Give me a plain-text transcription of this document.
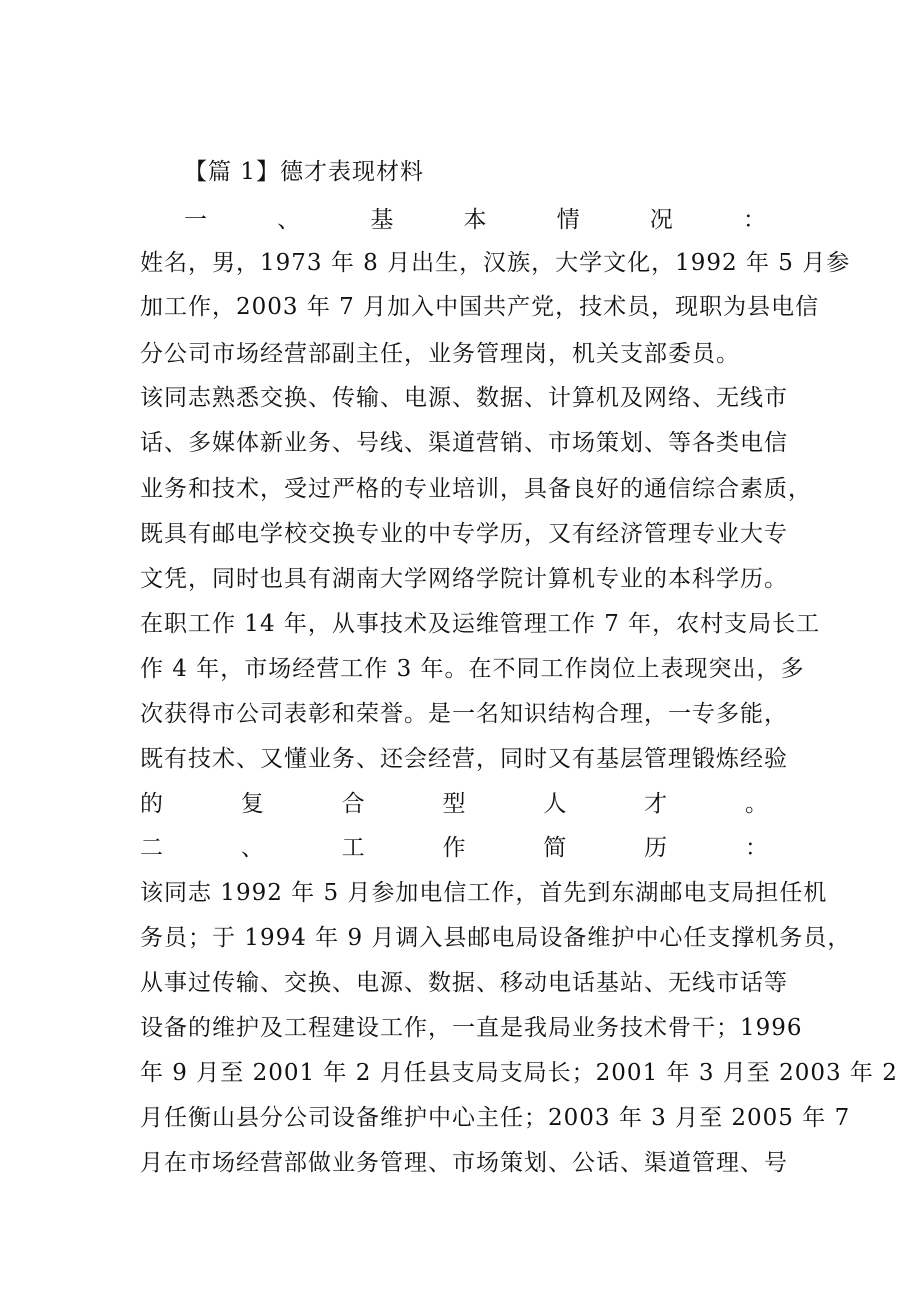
【篇 1】德才表现材料
一	、	基	本	情	况	：
姓名，男，1973 年 8 月出生，汉族，大学文化，1992 年 5 月参
加工作，2003 年 7 月加入中国共产党，技术员，现职为县电信
分公司市场经营部副主任，业务管理岗，机关支部委员。
该同志熟悉交换、传输、电源、数据、计算机及网络、无线市
话、多媒体新业务、号线、渠道营销、市场策划、等各类电信
业务和技术，受过严格的专业培训，具备良好的通信综合素质，
既具有邮电学校交换专业的中专学历，又有经济管理专业大专
文凭，同时也具有湖南大学网络学院计算机专业的本科学历。
在职工作 14 年，从事技术及运维管理工作 7 年，农村支局长工
作 4 年，市场经营工作 3 年。在不同工作岗位上表现突出，多
次获得市公司表彰和荣誉。是一名知识结构合理，一专多能，
既有技术、又懂业务、还会经营，同时又有基层管理锻炼经验
的	复	合	型	人	才	。
二	、	工	作	简	历	：
该同志 1992 年 5 月参加电信工作，首先到东湖邮电支局担任机
务员；于 1994 年 9 月调入县邮电局设备维护中心任支撑机务员，
从事过传输、交换、电源、数据、移动电话基站、无线市话等
设备的维护及工程建设工作，一直是我局业务技术骨干；1996
年 9 月至 2001 年 2 月任县支局支局长；2001 年 3 月至 2003 年 2
月任衡山县分公司设备维护中心主任；2003 年 3 月至 2005 年 7
月在市场经营部做业务管理、市场策划、公话、渠道管理、号
